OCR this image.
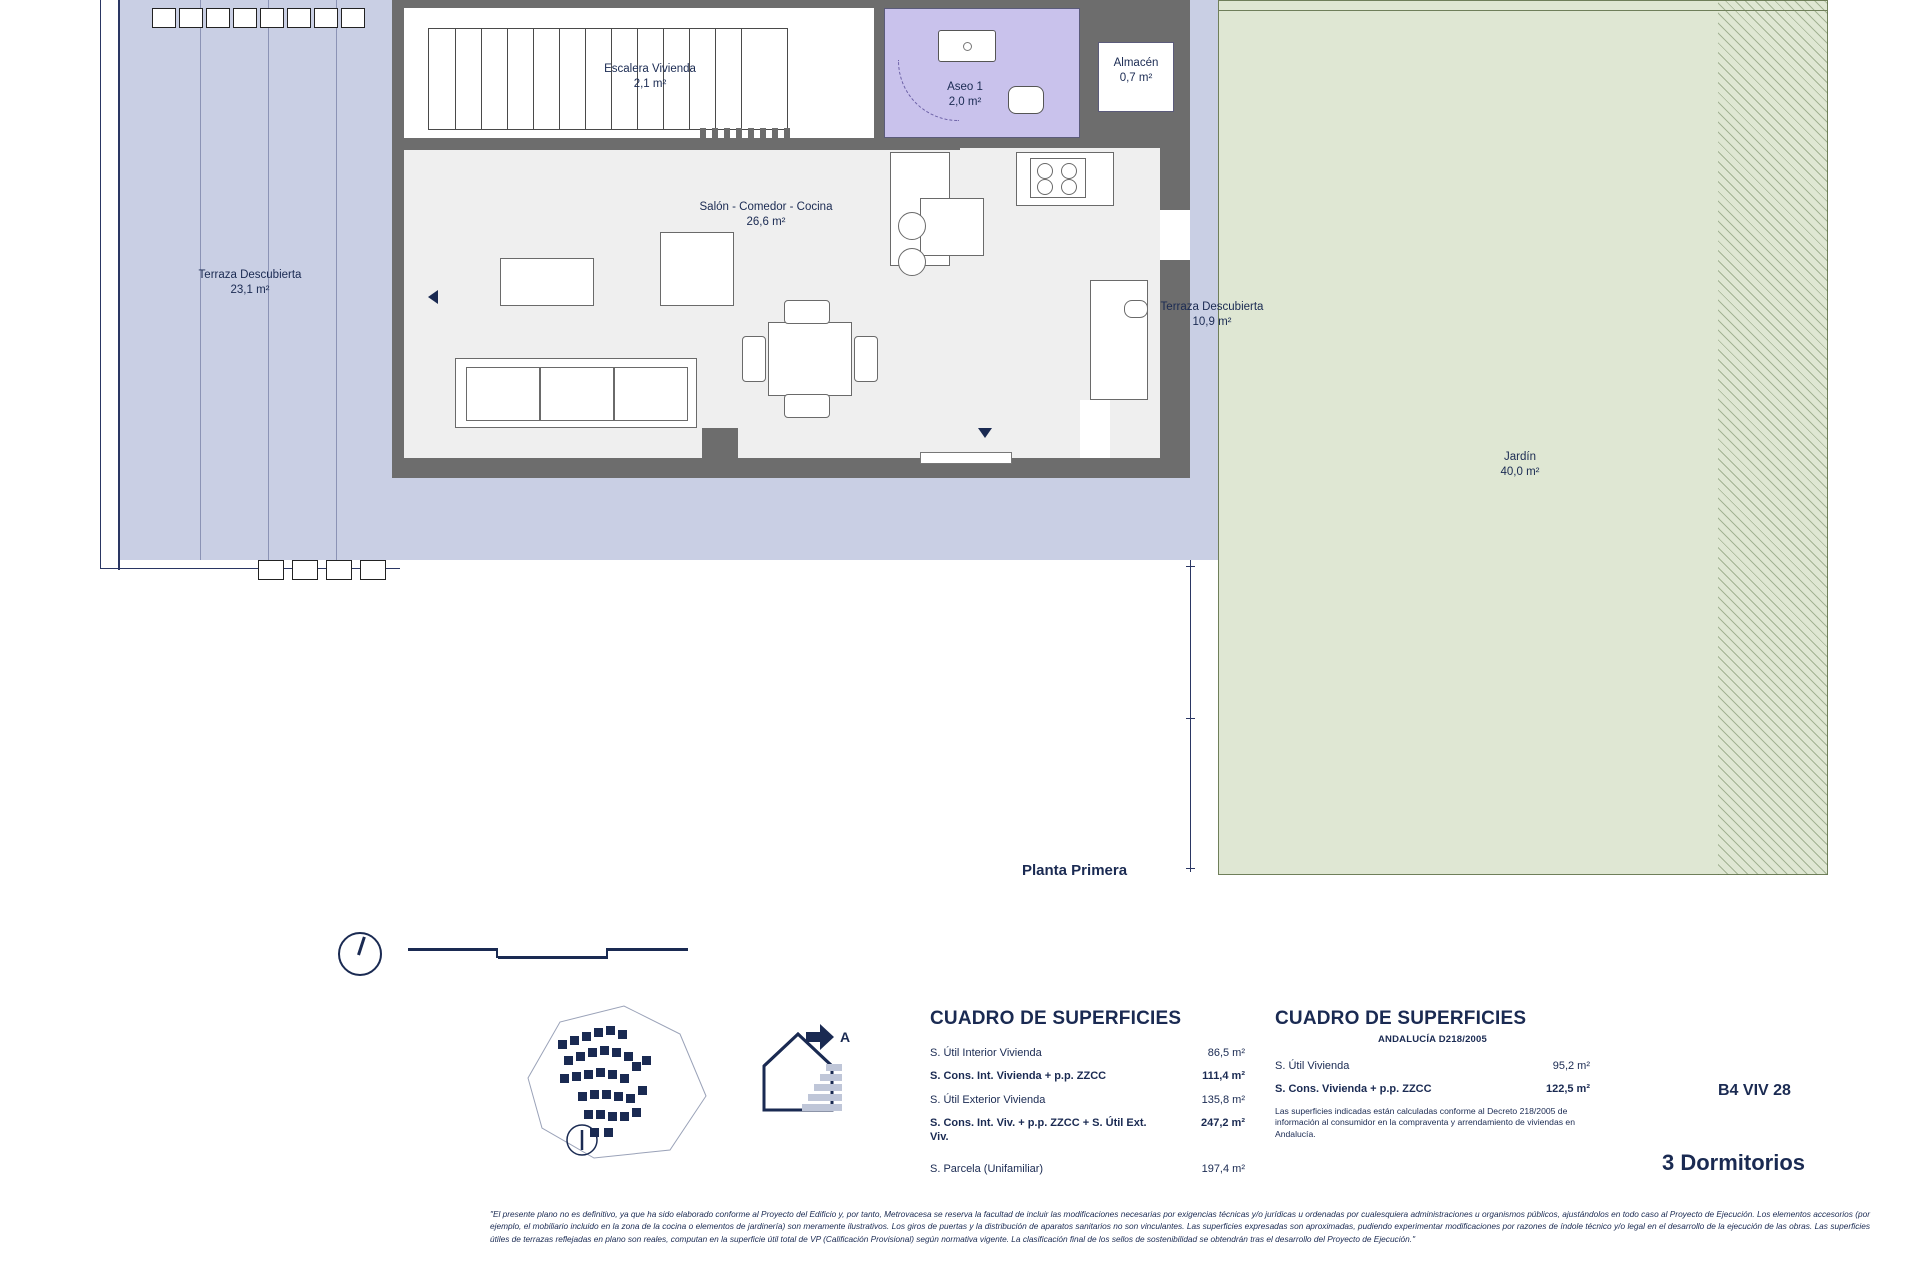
Terraza Descubierta
23,1 m²
Escalera Vivienda
2,1 m²	Aseo 1
2,0 m²
Almacén
0,7 m²
Salón - Comedor - Cocina
26,6 m²
Terraza Descubierta
10,9 m²
Jardín
40,0 m²
Planta Primera
A
CUADRO DE SUPERFICIES
S. Útil Interior Vivienda	86,5 m²
S. Cons. Int. Vivienda + p.p. ZZCC	111,4 m²
S. Útil Exterior Vivienda	135,8 m²
S. Cons. Int. Viv. + p.p. ZZCC + S. Útil Ext. Viv.
247,2 m²
S. Parcela (Unifamiliar)	197,4 m²
CUADRO DE SUPERFICIES
ANDALUCÍA D218/2005
S. Útil Vivienda	95,2 m²
S. Cons. Vivienda + p.p. ZZCC	122,5 m²
Las superficies indicadas están calculadas conforme al Decreto 218/2005 de información al consumidor en la compraventa y arrendamiento de viviendas en Andalucía.
B4 VIV 28
3 Dormitorios
"El presente plano no es definitivo, ya que ha sido elaborado conforme al Proyecto del Edificio y, por tanto, Metrovacesa se reserva la facultad de incluir las modificaciones necesarias por exigencias técnicas y/o jurídicas u ordenadas por cualesquiera administraciones u organismos públicos, ajustándolos en todo caso al Proyecto de Ejecución. Los elementos accesorios (por ejemplo, el mobiliario incluido en la zona de la cocina o elementos de jardinería) son meramente ilustrativos. Los giros de puertas y la distribución de aparatos sanitarios no son vinculantes. Las superficies expresadas son aproximadas, pudiendo experimentar modificaciones por razones de índole técnico y/o legal en el desarrollo de la ejecución de las obras. Las superficies útiles de terrazas reflejadas en plano son reales, computan en la superficie útil total de VP (Calificación Provisional) según normativa vigente. La clasificación final de los sellos de sostenibilidad se obtendrán tras el desarrollo del Proyecto de Ejecución."
